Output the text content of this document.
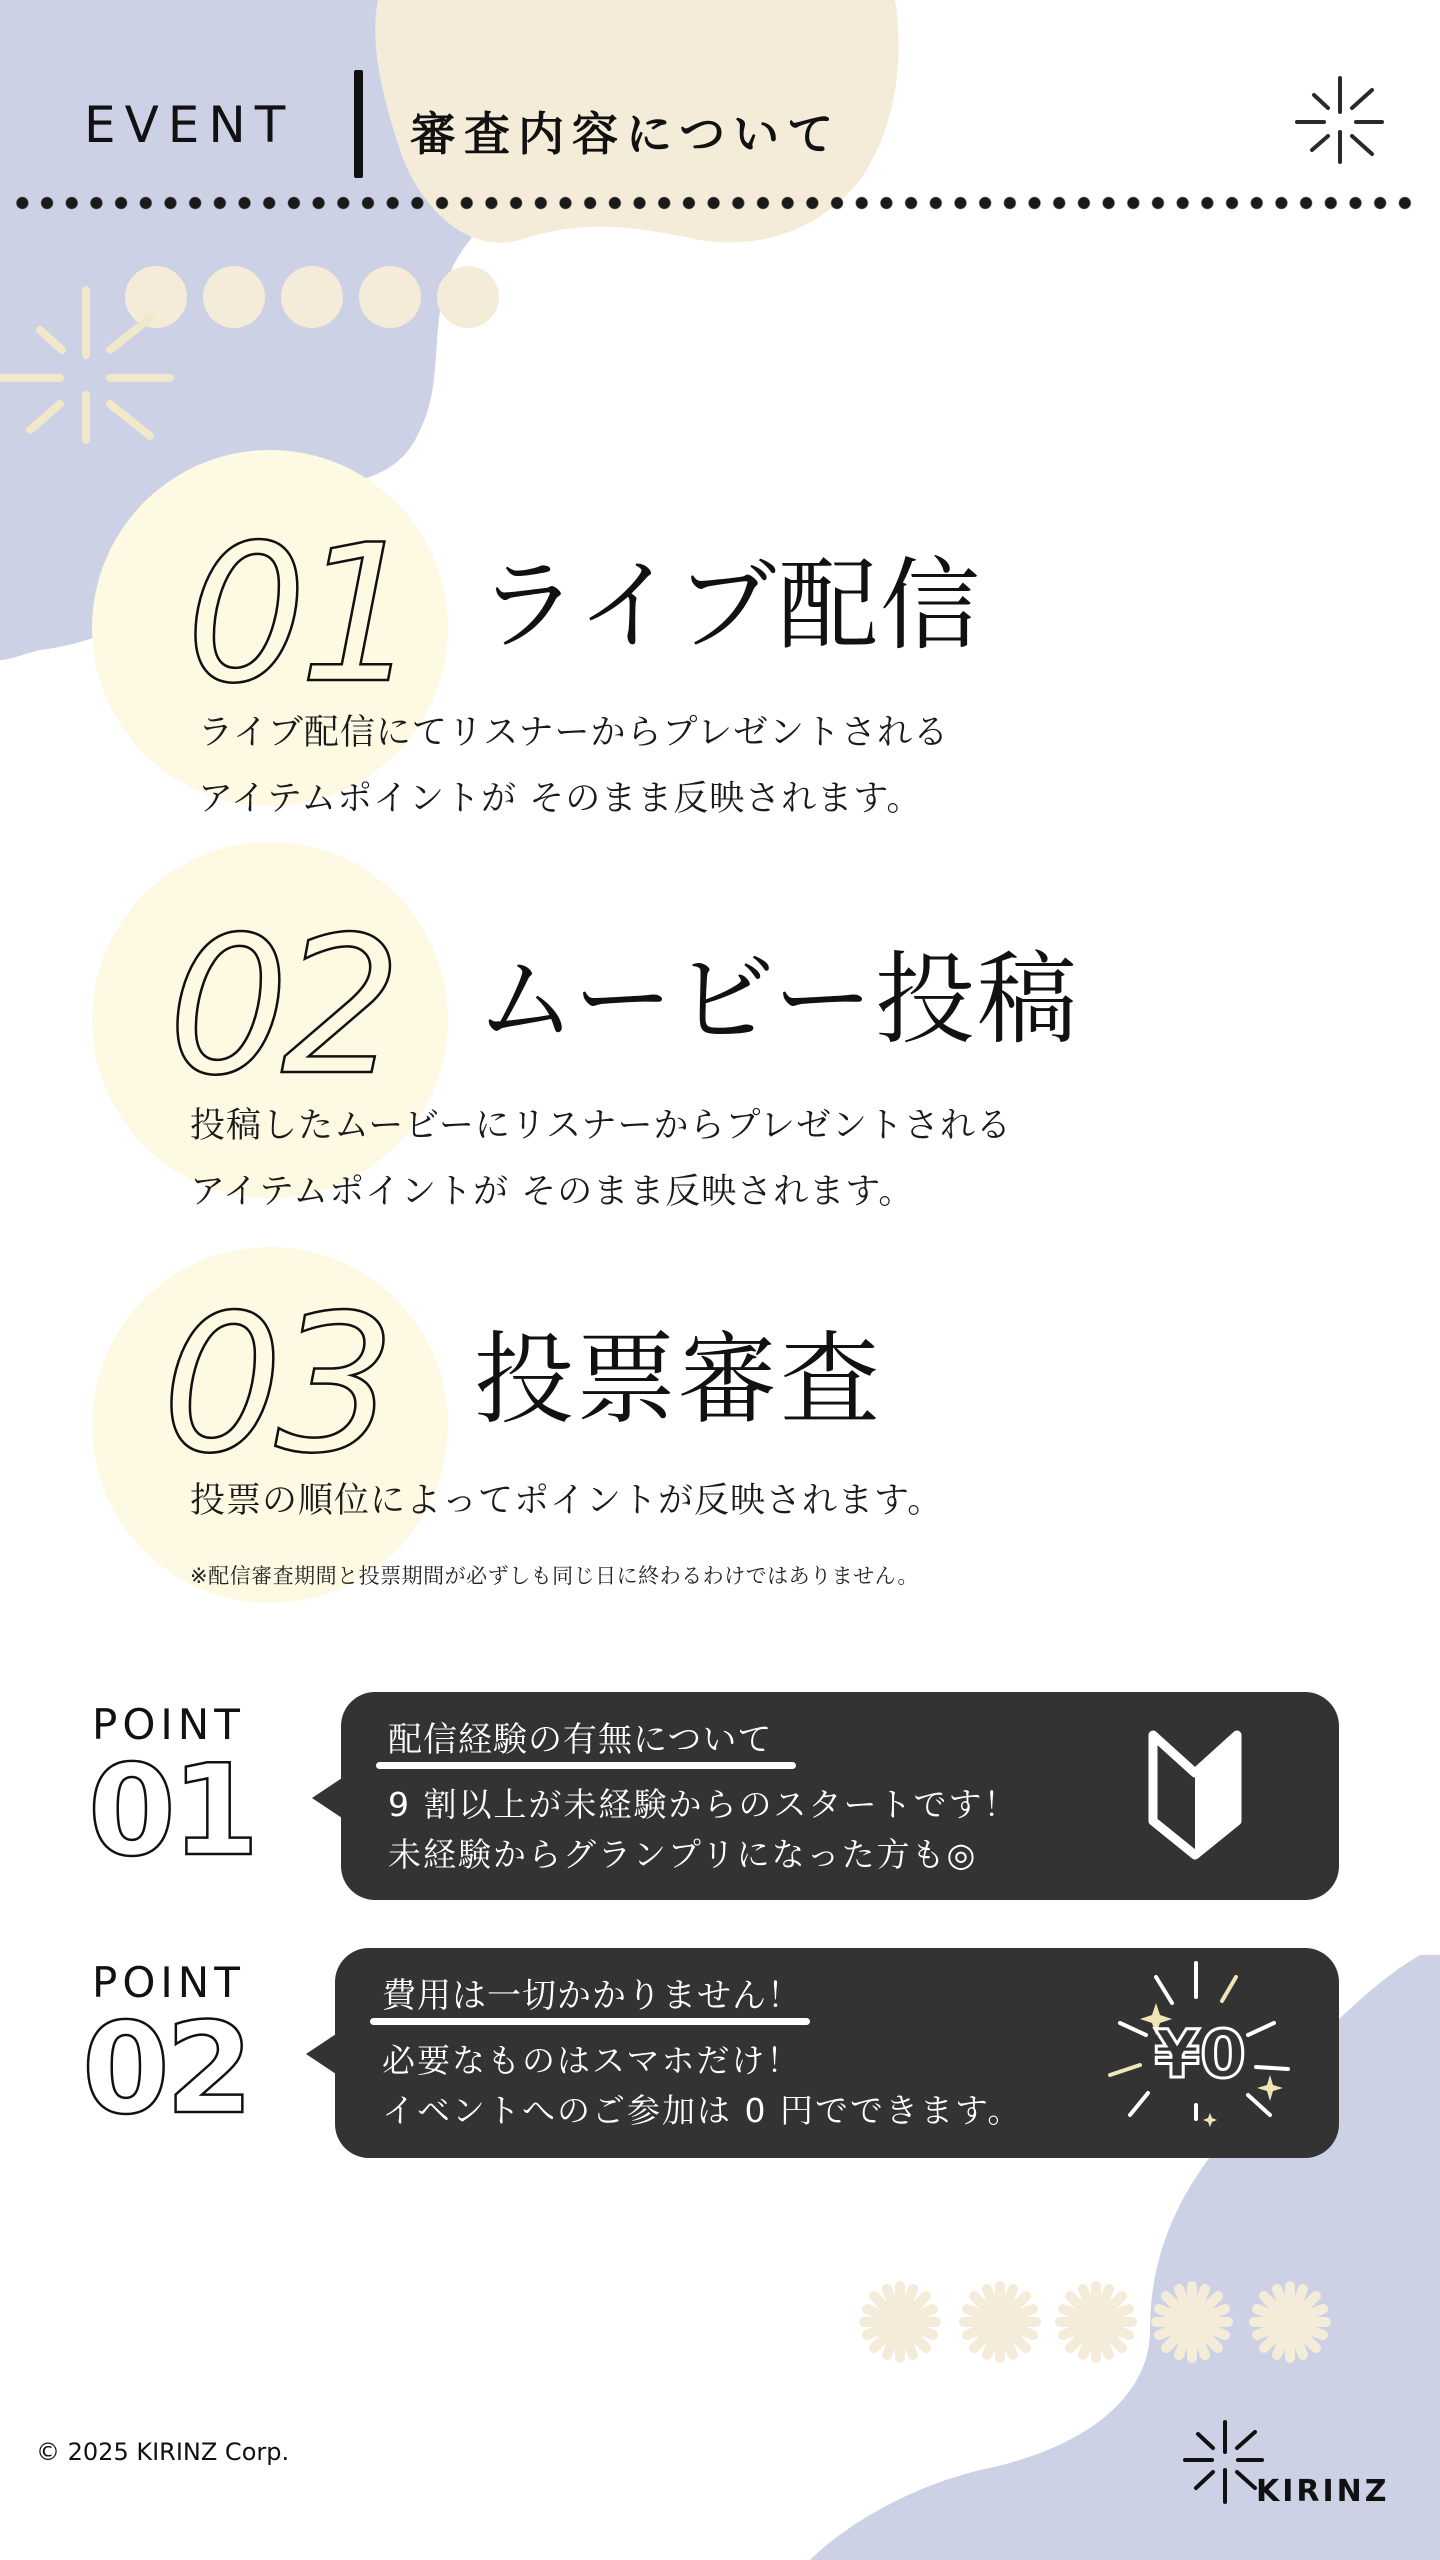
EVENT	審査内容について
01 ライブ配信
ライブ配信にてリスナーからプレゼントされる
アイテムポイントが そのまま反映されます。
02 ムービー投稿
投稿したムービーにリスナーからプレゼントされる
アイテムポイントが そのまま反映されます。
03 投票審査
投票の順位によってポイントが反映されます。
※配信審査期間と投票期間が必ずしも同じ日に終わるわけではありません。
POINT
01	配信経験の有無について
9 割以上が未経験からのスタートです！
未経験からグランプリになった方も◎
POINT
02	費用は一切かかりません！
必要なものはスマホだけ！
イベントへのご参加は 0 円でできます。
¥0
© 2025 KIRINZ Corp.
KIRINZ
